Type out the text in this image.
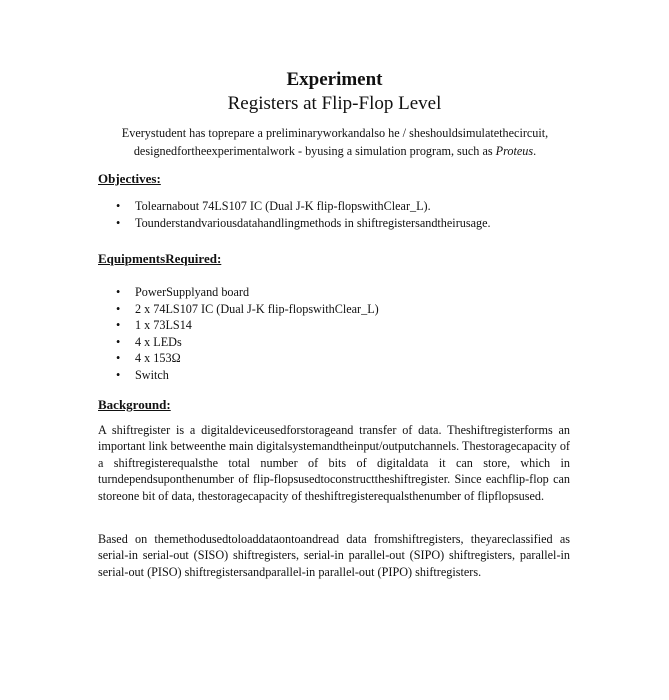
Experiment
Registers at Flip-Flop Level
Everystudent has toprepare a preliminaryworkandalso he / sheshouldsimulatethecircuit, designedfortheexperimentalwork - byusing a simulation program, such as Proteus.
Objectives:
• Tolearnabout 74LS107 IC (Dual J-K flip-flopswithClear_L).
• Tounderstandvariousdatahandlingmethods in shiftregistersandtheirusage.
EquipmentsRequired:
• PowerSupplyand board
• 2 x 74LS107 IC (Dual J-K flip-flopswithClear_L)
• 1 x 73LS14
• 4 x LEDs
• 4 x 153Ω
• Switch
Background:

A shiftregister is a digitaldeviceusedforstorageand transfer of data. Theshiftregisterforms an important link betweenthe main digitalsystemandtheinput/outputchannels. Thestoragecapacity of a shiftregisterequalsthe total number of bits of digitaldata it can store, which in turndependsuponthenumber of flip-flopsusedtoconstructtheshiftregister. Since eachflip-flop can storeone bit of data, thestoragecapacity of theshiftregisterequalsthenumber of flipflopsused.

Based on themethodusedtoloaddataontoandread data fromshiftregisters, theyareclassified as serial-in serial-out (SISO) shiftregisters, serial-in parallel-out (SIPO) shiftregisters, parallel-in serial-out (PISO) shiftregistersandparallel-in parallel-out (PIPO) shiftregisters.
